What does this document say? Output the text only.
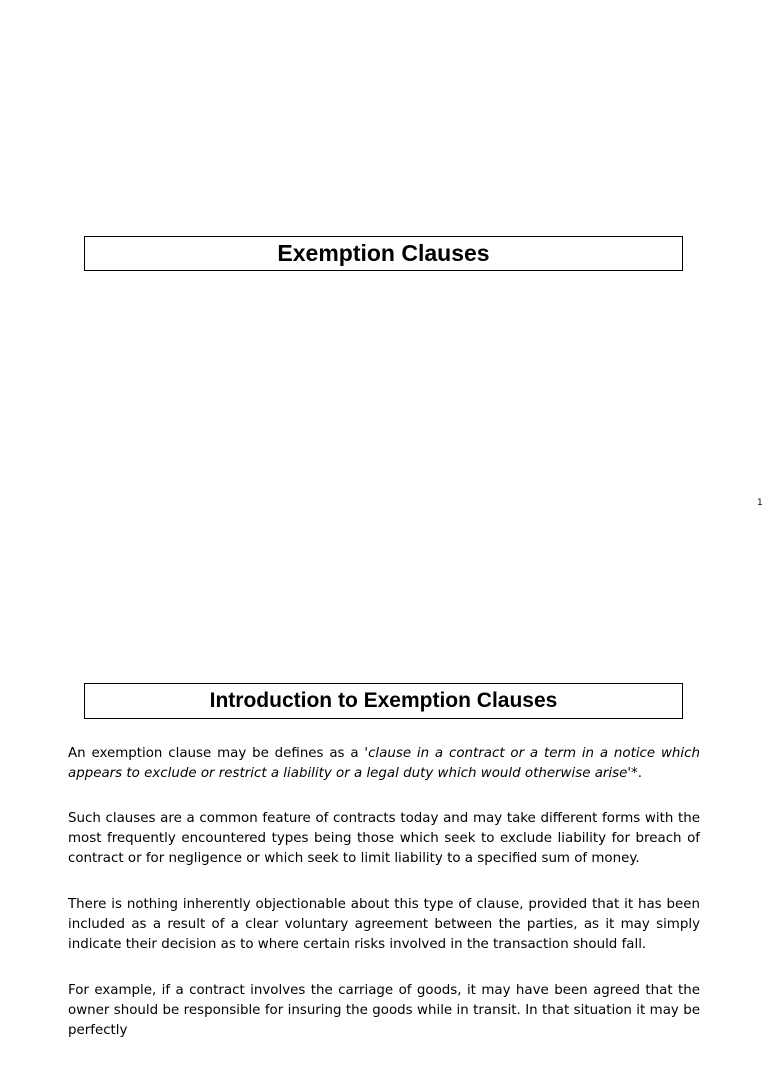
Exemption Clauses
1
Introduction to Exemption Clauses

An exemption clause may be defines as a 'clause in a contract or a term in a notice which appears to exclude or restrict a liability or a legal duty which would otherwise arise'*.

Such clauses are a common feature of contracts today and may take different forms with the most frequently encountered types being those which seek to exclude liability for breach of contract or for negligence or which seek to limit liability to a specified sum of money.

There is nothing inherently objectionable about this type of clause, provided that it has been included as a result of a clear voluntary agreement between the parties, as it may simply indicate their decision as to where certain risks involved in the transaction should fall.

For example, if a contract involves the carriage of goods, it may have been agreed that the owner should be responsible for insuring the goods while in transit. In that situation it may be perfectly
